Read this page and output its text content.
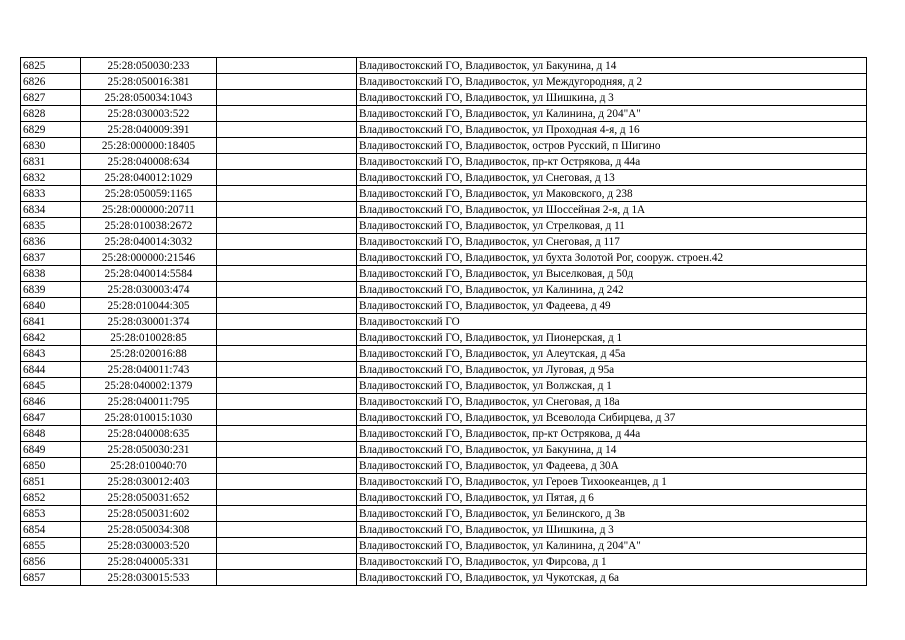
6825	25:28:050030:233		Владивостокский ГО, Владивосток, ул Бакунина, д 14
6826	25:28:050016:381		Владивостокский ГО, Владивосток, ул Междугородняя, д 2
6827	25:28:050034:1043		Владивостокский ГО, Владивосток, ул Шишкина, д 3
6828	25:28:030003:522		Владивостокский ГО, Владивосток, ул Калинина, д 204"А"
6829	25:28:040009:391		Владивостокский ГО, Владивосток, ул Проходная 4-я, д 16
6830	25:28:000000:18405		Владивостокский ГО, Владивосток, остров Русский, п Шигино
6831	25:28:040008:634		Владивостокский ГО, Владивосток, пр-кт Острякова, д 44а
6832	25:28:040012:1029		Владивостокский ГО, Владивосток, ул Снеговая, д 13
6833	25:28:050059:1165		Владивостокский ГО, Владивосток, ул Маковского, д 238
6834	25:28:000000:20711		Владивостокский ГО, Владивосток, ул Шоссейная 2-я, д 1А
6835	25:28:010038:2672		Владивостокский ГО, Владивосток, ул Стрелковая, д 11
6836	25:28:040014:3032		Владивостокский ГО, Владивосток, ул Снеговая, д 117
6837	25:28:000000:21546		Владивостокский ГО, Владивосток, ул бухта Золотой Рог, сооруж. строен.42
6838	25:28:040014:5584		Владивостокский ГО, Владивосток, ул Выселковая, д 50д
6839	25:28:030003:474		Владивостокский ГО, Владивосток, ул Калинина, д 242
6840	25:28:010044:305		Владивостокский ГО, Владивосток, ул Фадеева, д 49
6841	25:28:030001:374		Владивостокский ГО
6842	25:28:010028:85		Владивостокский ГО, Владивосток, ул Пионерская, д 1
6843	25:28:020016:88		Владивостокский ГО, Владивосток, ул Алеутская, д 45а
6844	25:28:040011:743		Владивостокский ГО, Владивосток, ул Луговая, д 95а
6845	25:28:040002:1379		Владивостокский ГО, Владивосток, ул Волжская, д 1
6846	25:28:040011:795		Владивостокский ГО, Владивосток, ул Снеговая, д 18а
6847	25:28:010015:1030		Владивостокский ГО, Владивосток, ул Всеволода Сибирцева, д 37
6848	25:28:040008:635		Владивостокский ГО, Владивосток, пр-кт Острякова, д 44а
6849	25:28:050030:231		Владивостокский ГО, Владивосток, ул Бакунина, д 14
6850	25:28:010040:70		Владивостокский ГО, Владивосток, ул Фадеева, д 30А
6851	25:28:030012:403		Владивостокский ГО, Владивосток, ул Героев Тихоокеанцев, д 1
6852	25:28:050031:652		Владивостокский ГО, Владивосток, ул Пятая, д 6
6853	25:28:050031:602		Владивостокский ГО, Владивосток, ул Белинского, д 3в
6854	25:28:050034:308		Владивостокский ГО, Владивосток, ул Шишкина, д 3
6855	25:28:030003:520		Владивостокский ГО, Владивосток, ул Калинина, д 204"А"
6856	25:28:040005:331		Владивостокский ГО, Владивосток, ул Фирсова, д 1
6857	25:28:030015:533		Владивостокский ГО, Владивосток, ул Чукотская, д 6а
